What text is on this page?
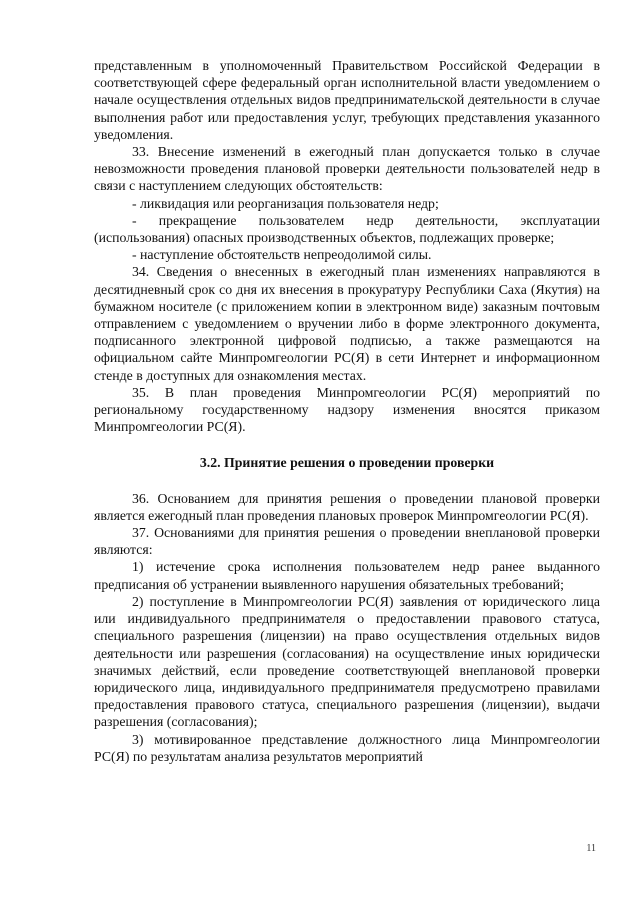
представленным в уполномоченный Правительством Российской Федерации в соответствующей сфере федеральный орган исполнительной власти уведомлением о начале осуществления отдельных видов предпринимательской деятельности в случае выполнения работ или предоставления услуг, требующих представления указанного уведомления.

33. Внесение изменений в ежегодный план допускается только в случае невозможности проведения плановой проверки деятельности пользователей недр в связи с наступлением следующих обстоятельств:

- ликвидация или реорганизация пользователя недр;

- прекращение пользователем недр деятельности, эксплуатации (использования) опасных производственных объектов, подлежащих проверке;

- наступление обстоятельств непреодолимой силы.

34. Сведения о внесенных в ежегодный план изменениях направляются в десятидневный срок со дня их внесения в прокуратуру Республики Саха (Якутия) на бумажном носителе (с приложением копии в электронном виде) заказным почтовым отправлением с уведомлением о вручении либо в форме электронного документа, подписанного электронной цифровой подписью, а также размещаются на официальном сайте Минпромгеологии РС(Я) в сети Интернет и информационном стенде в доступных для ознакомления местах.

35. В план проведения Минпромгеологии РС(Я) мероприятий по региональному государственному надзору изменения вносятся приказом Минпромгеологии РС(Я).

3.2. Принятие решения о проведении проверки

36. Основанием для принятия решения о проведении плановой проверки является ежегодный план проведения плановых проверок Минпромгеологии РС(Я).

37. Основаниями для принятия решения о проведении внеплановой проверки являются:

1) истечение срока исполнения пользователем недр ранее выданного предписания об устранении выявленного нарушения обязательных требований;

2) поступление в Минпромгеологии РС(Я) заявления от юридического лица или индивидуального предпринимателя о предоставлении правового статуса, специального разрешения (лицензии) на право осуществления отдельных видов деятельности или разрешения (согласования) на осуществление иных юридически значимых действий, если проведение соответствующей внеплановой проверки юридического лица, индивидуального предпринимателя предусмотрено правилами предоставления правового статуса, специального разрешения (лицензии), выдачи разрешения (согласования);

3) мотивированное представление должностного лица Минпромгеологии РС(Я) по результатам анализа результатов мероприятий

11
